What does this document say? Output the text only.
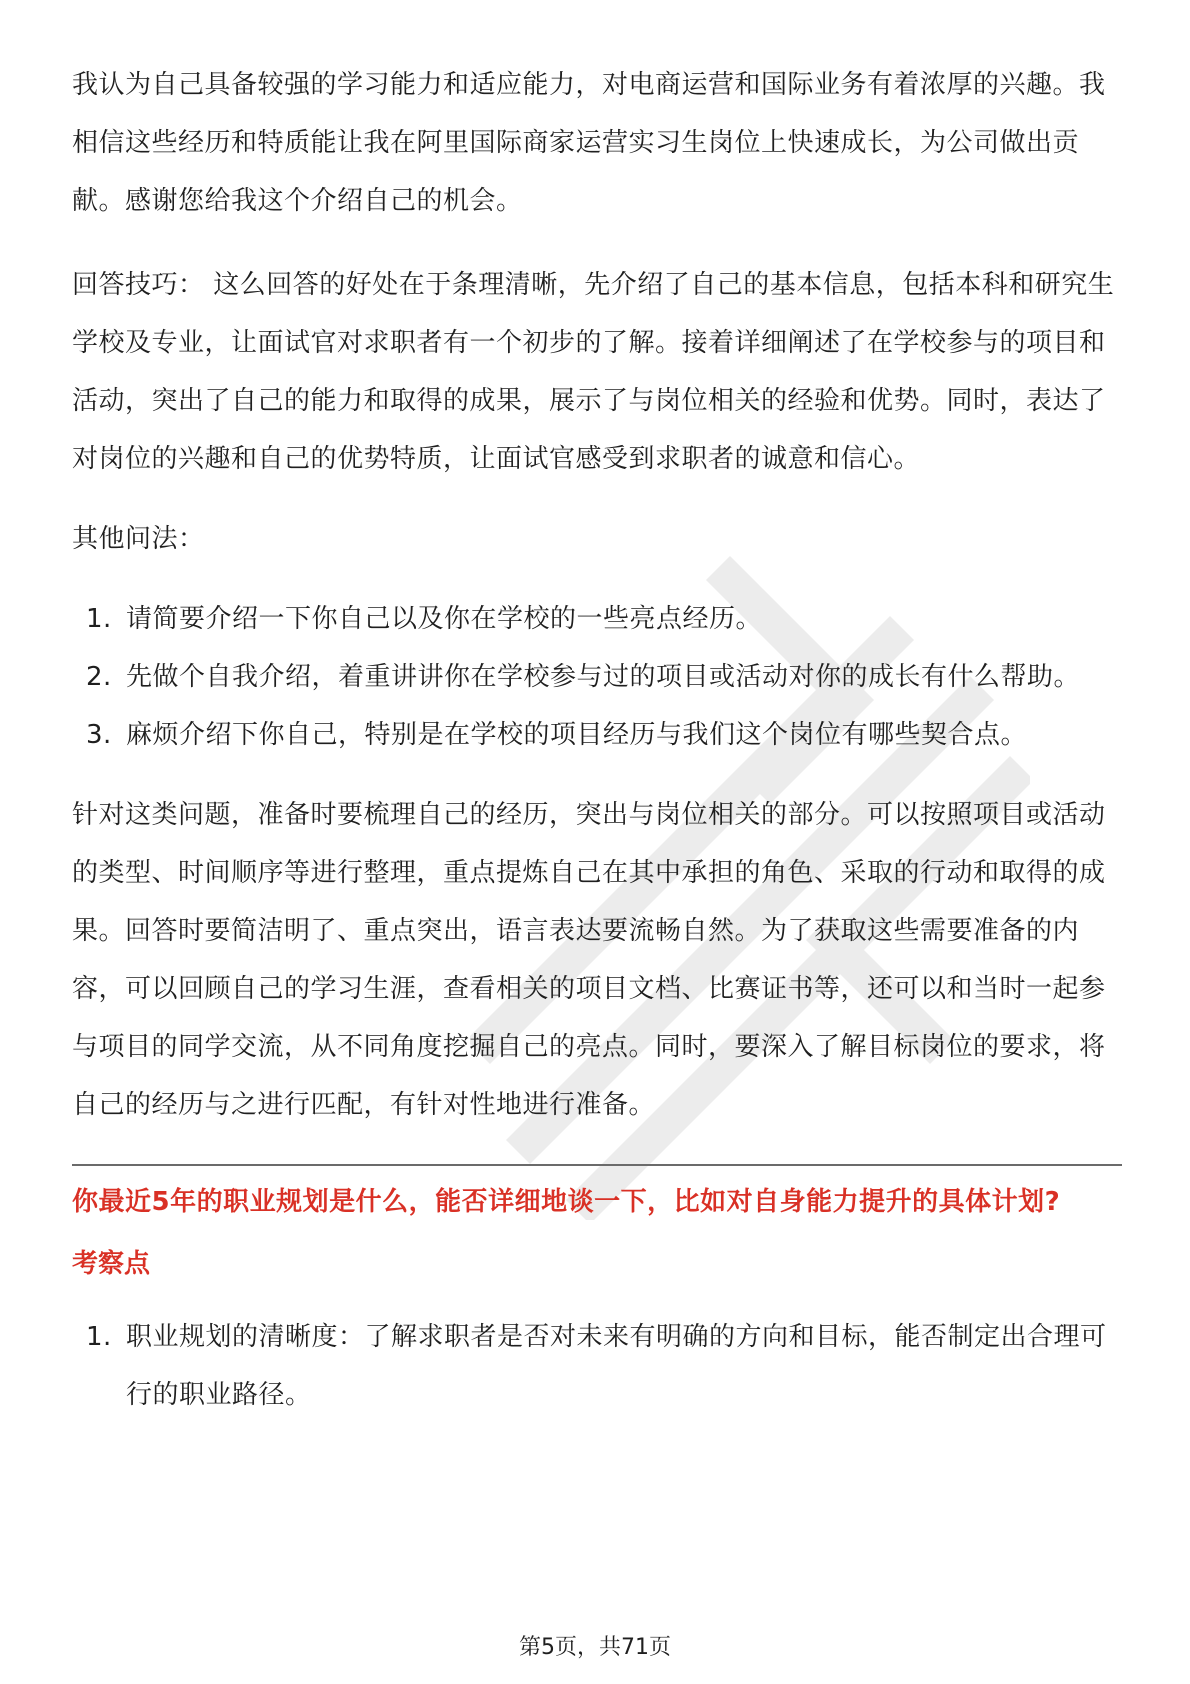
我认为自己具备较强的学习能力和适应能力，对电商运营和国际业务有着浓厚的兴趣。我相信这些经历和特质能让我在阿里国际商家运营实习生岗位上快速成长，为公司做出贡献。感谢您给我这个介绍自己的机会。

回答技巧： 这么回答的好处在于条理清晰，先介绍了自己的基本信息，包括本科和研究生学校及专业，让面试官对求职者有一个初步的了解。接着详细阐述了在学校参与的项目和活动，突出了自己的能力和取得的成果，展示了与岗位相关的经验和优势。同时，表达了对岗位的兴趣和自己的优势特质，让面试官感受到求职者的诚意和信心。

其他问法：

1. 请简要介绍一下你自己以及你在学校的一些亮点经历。
2. 先做个自我介绍，着重讲讲你在学校参与过的项目或活动对你的成长有什么帮助。
3. 麻烦介绍下你自己，特别是在学校的项目经历与我们这个岗位有哪些契合点。

针对这类问题，准备时要梳理自己的经历，突出与岗位相关的部分。可以按照项目或活动的类型、时间顺序等进行整理，重点提炼自己在其中承担的角色、采取的行动和取得的成果。回答时要简洁明了、重点突出，语言表达要流畅自然。为了获取这些需要准备的内容，可以回顾自己的学习生涯，查看相关的项目文档、比赛证书等，还可以和当时一起参与项目的同学交流，从不同角度挖掘自己的亮点。同时，要深入了解目标岗位的要求，将自己的经历与之进行匹配，有针对性地进行准备。

你最近5年的职业规划是什么，能否详细地谈一下，比如对自身能力提升的具体计划?

考察点

1. 职业规划的清晰度：了解求职者是否对未来有明确的方向和目标，能否制定出合理可行的职业路径。
第5页，共71页
